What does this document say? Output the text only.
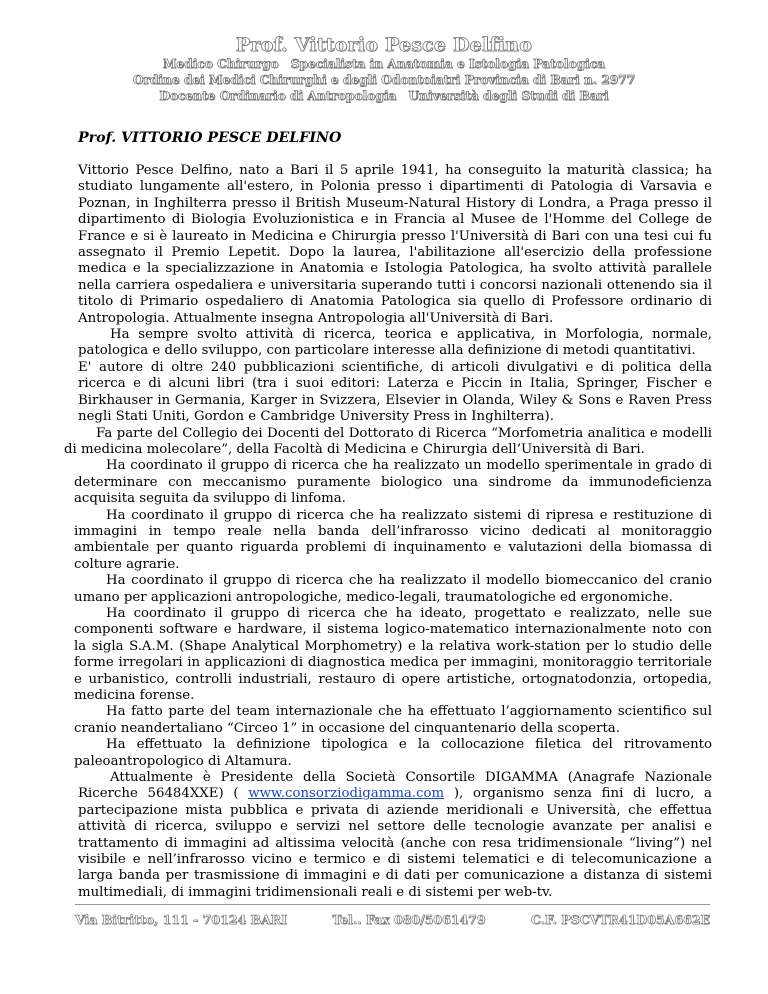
Prof. Vittorio Pesce Delfino
Medico Chirurgo Specialista in Anatomia e Istologia Patologica
Ordine dei Medici Chirurghi e degli Odontoiatri Provincia di Bari n. 2977
Docente Ordinario di Antropologia Università degli Studi di Bari
Prof. VITTORIO PESCE DELFINO

Vittorio Pesce Delfino, nato a Bari il 5 aprile 1941, ha conseguito la maturità classica; ha studiato lungamente all'estero, in Polonia presso i dipartimenti di Patologia di Varsavia e Poznan, in Inghilterra presso il British Museum-Natural History di Londra, a Praga presso il dipartimento di Biologia Evoluzionistica e in Francia al Musee de l'Homme del College de France e si è laureato in Medicina e Chirurgia presso l'Università di Bari con una tesi cui fu assegnato il Premio Lepetit. Dopo la laurea, l'abilitazione all'esercizio della professione medica e la specializzazione in Anatomia e Istologia Patologica, ha svolto attività parallele nella carriera ospedaliera e universitaria superando tutti i concorsi nazionali ottenendo sia il titolo di Primario ospedaliero di Anatomia Patologica sia quello di Professore ordinario di Antropologia. Attualmente insegna Antropologia all'Università di Bari.

Ha sempre svolto attività di ricerca, teorica e applicativa, in Morfologia, normale, patologica e dello sviluppo, con particolare interesse alla definizione di metodi quantitativi.

E' autore di oltre 240 pubblicazioni scientifiche, di articoli divulgativi e di politica della ricerca e di alcuni libri (tra i suoi editori: Laterza e Piccin in Italia, Springer, Fischer e Birkhauser in Germania, Karger in Svizzera, Elsevier in Olanda, Wiley & Sons e Raven Press negli Stati Uniti, Gordon e Cambridge University Press in Inghilterra).

Fa parte del Collegio dei Docenti del Dottorato di Ricerca “Morfometria analitica e modelli di medicina molecolare”, della Facoltà di Medicina e Chirurgia dell’Università di Bari.

Ha coordinato il gruppo di ricerca che ha realizzato un modello sperimentale in grado di determinare con meccanismo puramente biologico una sindrome da immunodeficienza acquisita seguita da sviluppo di linfoma.

Ha coordinato il gruppo di ricerca che ha realizzato sistemi di ripresa e restituzione di immagini in tempo reale nella banda dell’infrarosso vicino dedicati al monitoraggio ambientale per quanto riguarda problemi di inquinamento e valutazioni della biomassa di colture agrarie.

Ha coordinato il gruppo di ricerca che ha realizzato il modello biomeccanico del cranio umano per applicazioni antropologiche, medico-legali, traumatologiche ed ergonomiche.

Ha coordinato il gruppo di ricerca che ha ideato, progettato e realizzato, nelle sue componenti software e hardware, il sistema logico-matematico internazionalmente noto con la sigla S.A.M. (Shape Analytical Morphometry) e la relativa work-station per lo studio delle forme irregolari in applicazioni di diagnostica medica per immagini, monitoraggio territoriale e urbanistico, controlli industriali, restauro di opere artistiche, ortognatodonzia, ortopedia, medicina forense.

Ha fatto parte del team internazionale che ha effettuato l’aggiornamento scientifico sul cranio neandertaliano “Circeo 1” in occasione del cinquantenario della scoperta.

Ha effettuato la definizione tipologica e la collocazione filetica del ritrovamento paleoantropologico di Altamura.

Attualmente è Presidente della Società Consortile DIGAMMA (Anagrafe Nazionale Ricerche 56484XXE) ( www.consorziodigamma.com ), organismo senza fini di lucro, a partecipazione mista pubblica e privata di aziende meridionali e Università, che effettua attività di ricerca, sviluppo e servizi nel settore delle tecnologie avanzate per analisi e trattamento di immagini ad altissima velocità (anche con resa tridimensionale “living”) nel visibile e nell’infrarosso vicino e termico e di sistemi telematici e di telecomunicazione a larga banda per trasmissione di immagini e di dati per comunicazione a distanza di sistemi multimediali, di immagini tridimensionali reali e di sistemi per web-tv.

Via Bitritto, 111 - 70124 BARI	Tel.. Fax 080/5061479	C.F. PSCVTR41D05A662E
